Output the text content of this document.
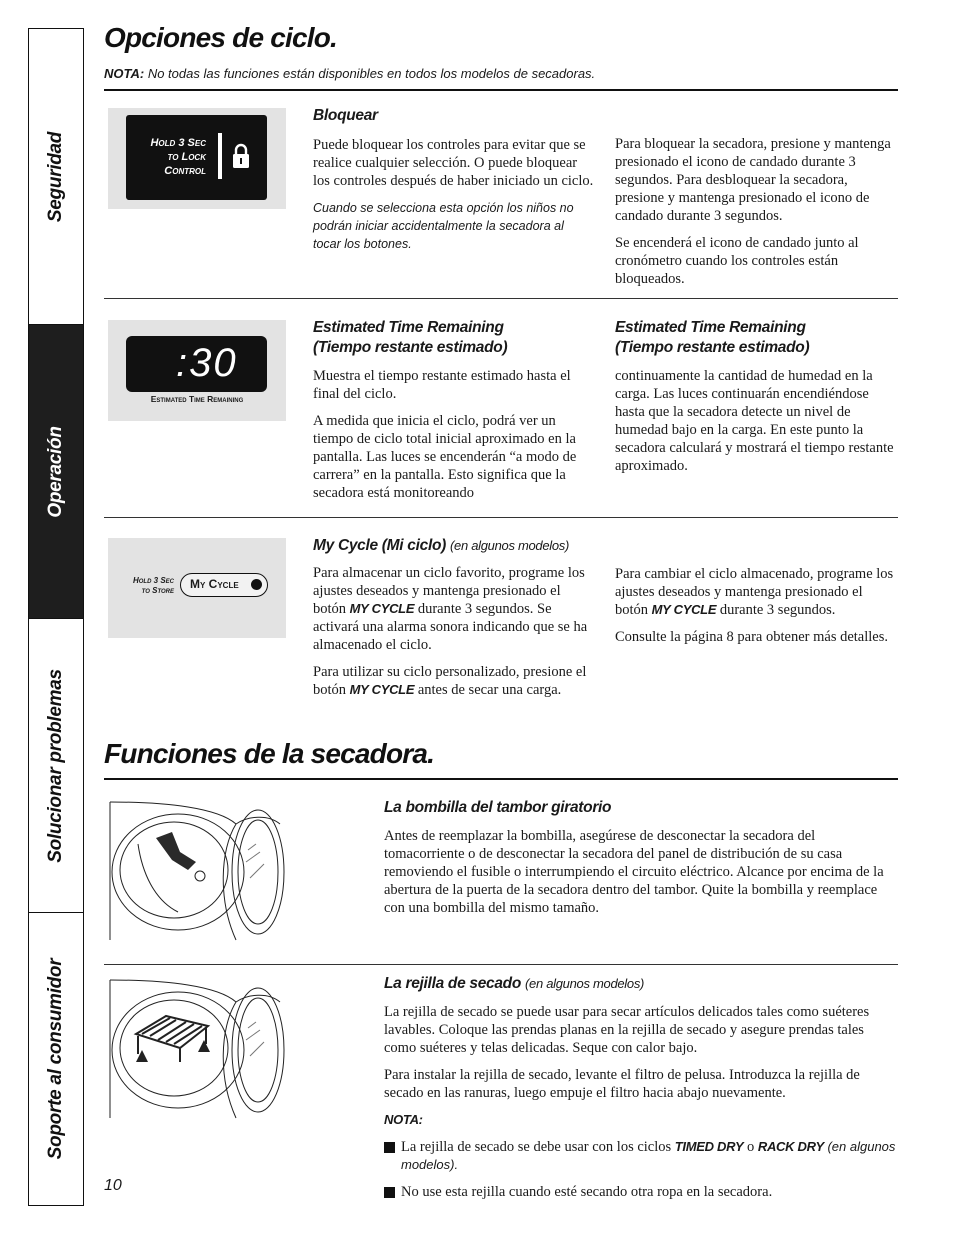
Seguridad
Operación
Solucionar problemas
Soporte al consumidor
Opciones de ciclo.
NOTA: No todas las funciones están disponibles en todos los modelos de secadoras.
Hold 3 Sec
to Lock
Control
Bloquear

Puede bloquear los controles para evitar que se realice cualquier selección. O puede bloquear los controles después de haber iniciado un ciclo.

Cuando se selecciona esta opción los niños no podrán iniciar accidentalmente la secadora al tocar los botones.

Para bloquear la secadora, presione y mantenga presionado el icono de candado durante 3 segundos. Para desbloquear la secadora, presione y mantenga presionado el icono de candado durante 3 segundos.

Se encenderá el icono de candado junto al cronómetro cuando los controles están bloqueados.

:30
Estimated Time Remaining
Estimated Time Remaining
(Tiempo restante estimado)

Muestra el tiempo restante estimado hasta el final del ciclo.

A medida que inicia el ciclo, podrá ver un tiempo de ciclo total inicial aproximado en la pantalla. Las luces se encenderán “a modo de carrera” en la pantalla. Esto significa que la secadora está monitoreando

Estimated Time Remaining
(Tiempo restante estimado)

continuamente la cantidad de humedad en la carga. Las luces continuarán encendiéndose hasta que la secadora detecte un nivel de humedad bajo en la carga. En este punto la secadora calculará y mostrará el tiempo restante aproximado.

Hold 3 Sec
to Store My Cycle
My Cycle (Mi ciclo) (en algunos modelos)

Para almacenar un ciclo favorito, programe los ajustes deseados y mantenga presionado el botón MY CYCLE durante 3 segundos. Se activará una alarma sonora indicando que se ha almacenado el ciclo.

Para utilizar su ciclo personalizado, presione el botón MY CYCLE antes de secar una carga.

Para cambiar el ciclo almacenado, programe los ajustes deseados y mantenga presionado el botón MY CYCLE durante 3 segundos.

Consulte la página 8 para obtener más detalles.

Funciones de la secadora.
La bombilla del tambor giratorio

Antes de reemplazar la bombilla, asegúrese de desconectar la secadora del tomacorriente o de desconectar la secadora del panel de distribución de su casa removiendo el fusible o interrumpiendo el circuito eléctrico. Alcance por encima de la abertura de la puerta de la secadora dentro del tambor. Quite la bombilla y reemplace con una bombilla del mismo tamaño.

La rejilla de secado (en algunos modelos)

La rejilla de secado se puede usar para secar artículos delicados tales como suéteres lavables. Coloque las prendas planas en la rejilla de secado y asegure prendas tales como suéteres y telas delicadas. Seque con calor bajo.

Para instalar la rejilla de secado, levante el filtro de pelusa. Introduzca la rejilla de secado en las ranuras, luego empuje el filtro hacia abajo nuevamente.

NOTA:

La rejilla de secado se debe usar con los ciclos TIMED DRY o RACK DRY (en algunos modelos).
No use esta rejilla cuando esté secando otra ropa en la secadora.
10
